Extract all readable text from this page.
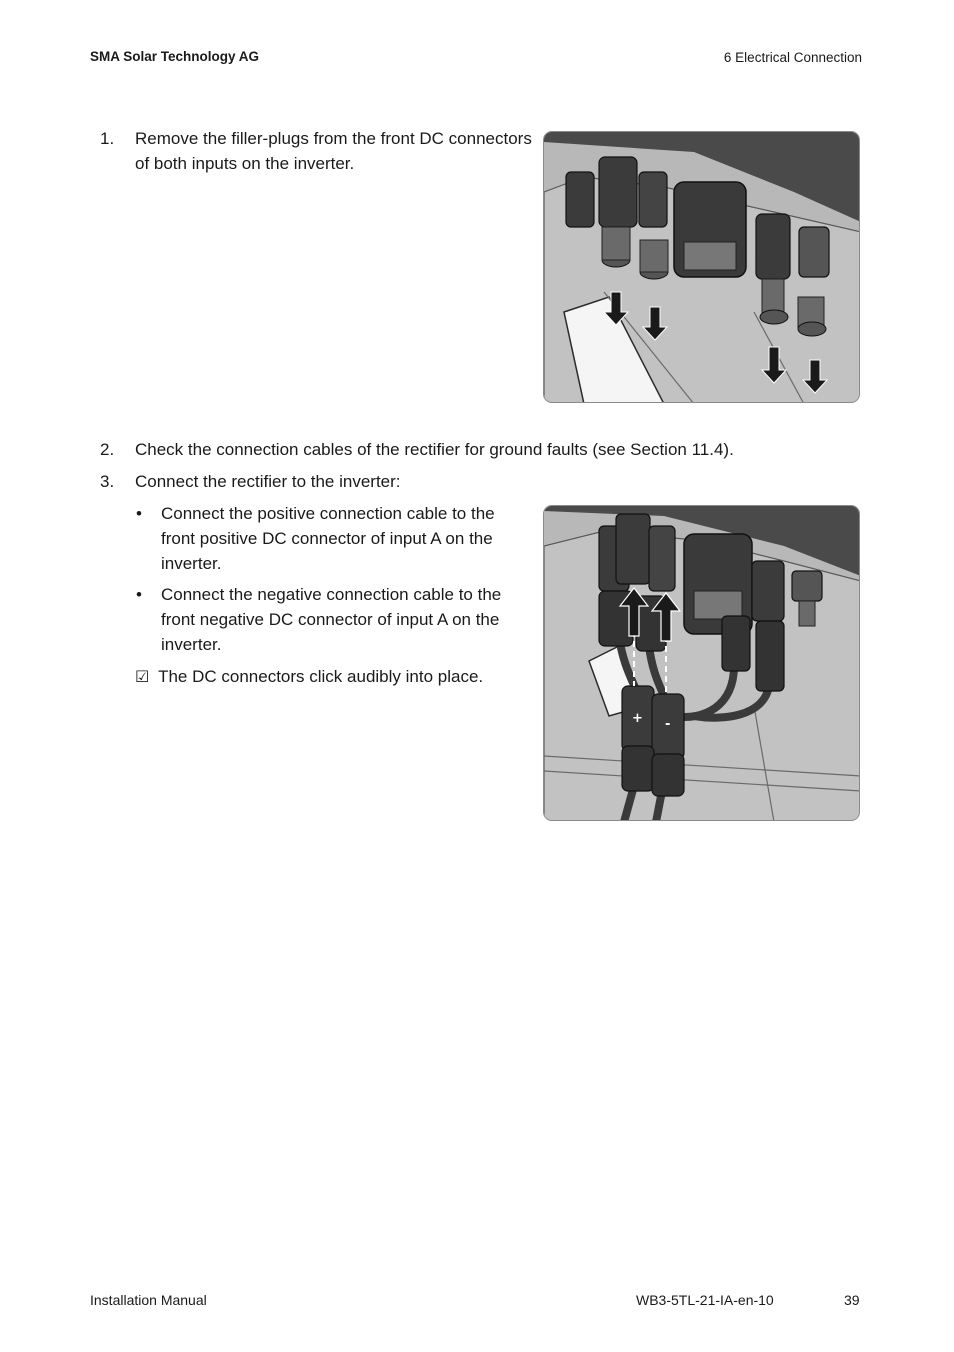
SMA Solar Technology AG	6 Electrical Connection
1. Remove the filler-plugs from the front DC connectors
of both inputs on the inverter.
2. Check the connection cables of the rectifier for ground faults (see Section 11.4).
3. Connect the rectifier to the inverter:
• Connect the positive connection cable to the
front positive DC connector of input A on the
inverter.
• Connect the negative connection cable to the
front negative DC connector of input A on the
inverter.
☑ The DC connectors click audibly into place.
+ -
Installation Manual	WB3-5TL-21-IA-en-10	39
